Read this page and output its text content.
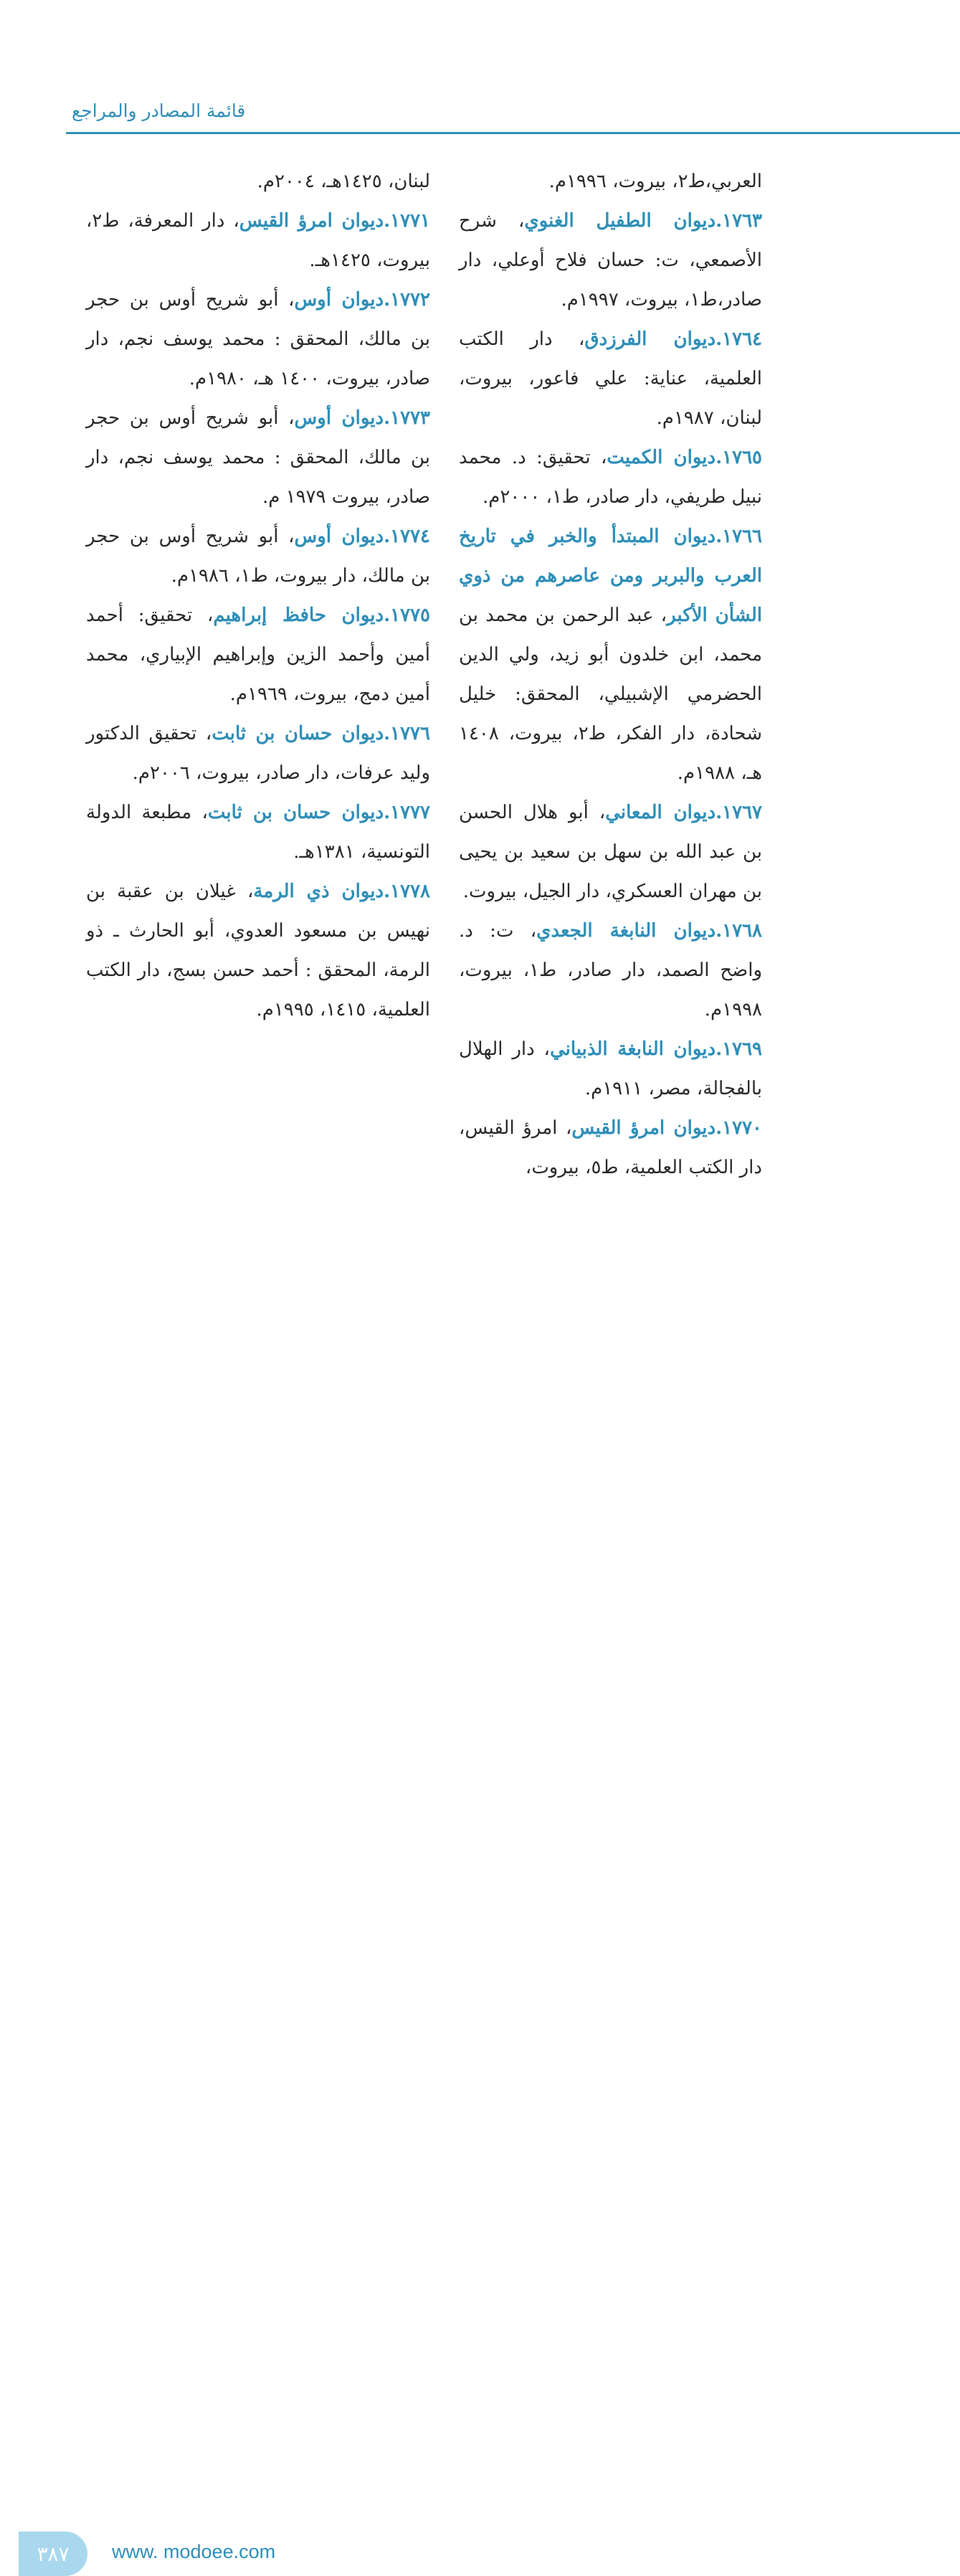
قائمة المصادر والمراجع

العربي،ط٢، بيروت، ١٩٩٦م.

١٧٦٣.ديوان الطفيل الغنوي، شرح الأصمعي، ت: حسان فلاح أوعلي، دار صادر،ط١، بيروت، ١٩٩٧م.

١٧٦٤.ديوان الفرزدق، دار الكتب العلمية، عناية: علي فاعور، بيروت، لبنان، ١٩٨٧م.

١٧٦٥.ديوان الكميت، تحقيق: د. محمد نبيل طريفي، دار صادر، ط١، ٢٠٠٠م.

١٧٦٦.ديوان المبتدأ والخبر في تاريخ العرب والبربر ومن عاصرهم من ذوي الشأن الأكبر، عبد الرحمن بن محمد بن محمد، ابن خلدون أبو زيد، ولي الدين الحضرمي الإشبيلي، المحقق: خليل شحادة، دار الفكر، ط٢، بيروت، ١٤٠٨ هـ، ١٩٨٨م.

١٧٦٧.ديوان المعاني، أبو هلال الحسن بن عبد الله بن سهل بن سعيد بن يحيى بن مهران العسكري، دار الجيل، بيروت.

١٧٦٨.ديوان النابغة الجعدي، ت: د. واضح الصمد، دار صادر، ط١، بيروت، ١٩٩٨م.

١٧٦٩.ديوان النابغة الذبياني، دار الهلال بالفجالة، مصر، ١٩١١م.

١٧٧٠.ديوان امرؤ القيس، امرؤ القيس، دار الكتب العلمية، ط٥، بيروت،

لبنان، ١٤٢٥هـ، ٢٠٠٤م.

١٧٧١.ديوان امرؤ القيس، دار المعرفة، ط٢، بيروت، ١٤٢٥هـ.

١٧٧٢.ديوان أوس، أبو شريح أوس بن حجر بن مالك، المحقق : محمد يوسف نجم، دار صادر، بيروت، ١٤٠٠ هـ، ١٩٨٠م.

١٧٧٣.ديوان أوس، أبو شريح أوس بن حجر بن مالك، المحقق : محمد يوسف نجم، دار صادر، بيروت ١٩٧٩ م.

١٧٧٤.ديوان أوس، أبو شريح أوس بن حجر بن مالك، دار بيروت، ط١، ١٩٨٦م.

١٧٧٥.ديوان حافظ إبراهيم، تحقيق: أحمد أمين وأحمد الزين وإبراهيم الإبياري، محمد أمين دمج، بيروت، ١٩٦٩م.

١٧٧٦.ديوان حسان بن ثابت، تحقيق الدكتور وليد عرفات، دار صادر، بيروت، ٢٠٠٦م.

١٧٧٧.ديوان حسان بن ثابت، مطبعة الدولة التونسية، ١٣٨١هـ.

١٧٧٨.ديوان ذي الرمة، غيلان بن عقبة بن نهيس بن مسعود العدوي، أبو الحارث ـ ذو الرمة، المحقق : أحمد حسن بسج، دار الكتب العلمية، ١٤١٥، ١٩٩٥م.

٣٨٧	www. modoee.com
